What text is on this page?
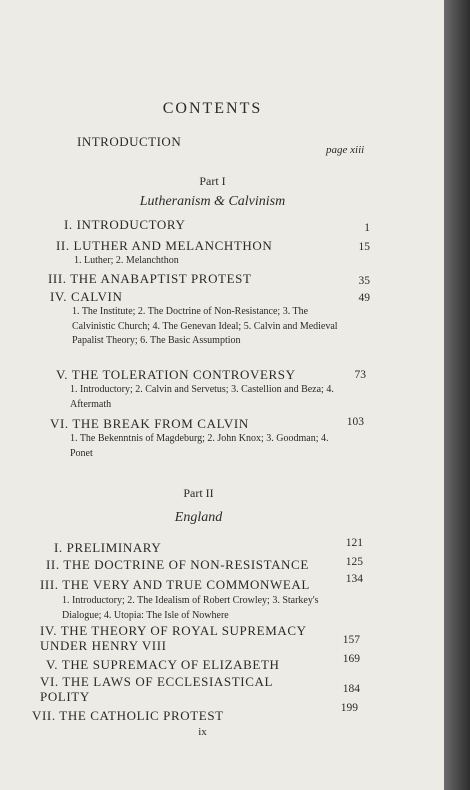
CONTENTS
INTRODUCTION
page xiii
Part I
Lutheranism & Calvinism
I. INTRODUCTORY	1
II. LUTHER AND MELANCHTHON	15
1. Luther; 2. Melanchthon
III. THE ANABAPTIST PROTEST	35
IV. CALVIN	49
1. The Institute; 2. The Doctrine of Non-Resistance; 3. The Calvinistic Church; 4. The Genevan Ideal; 5. Calvin and Medieval Papalist Theory; 6. The Basic Assumption
V. THE TOLERATION CONTROVERSY	73
1. Introductory; 2. Calvin and Servetus; 3. Castellion and Beza; 4. Aftermath
VI. THE BREAK FROM CALVIN	103
1. The Bekenntnis of Magdeburg; 2. John Knox; 3. Goodman; 4. Ponet
Part II
England
I. PRELIMINARY	121
II. THE DOCTRINE OF NON-RESISTANCE	125
III. THE VERY AND TRUE COMMONWEAL	134
1. Introductory; 2. The Idealism of Robert Crowley; 3. Starkey's Dialogue; 4. Utopia: The Isle of Nowhere
IV. THE THEORY OF ROYAL SUPREMACY UNDER HENRY VIII	157
V. THE SUPREMACY OF ELIZABETH	169
VI. THE LAWS OF ECCLESIASTICAL POLITY	184
VII. THE CATHOLIC PROTEST	199
ix
